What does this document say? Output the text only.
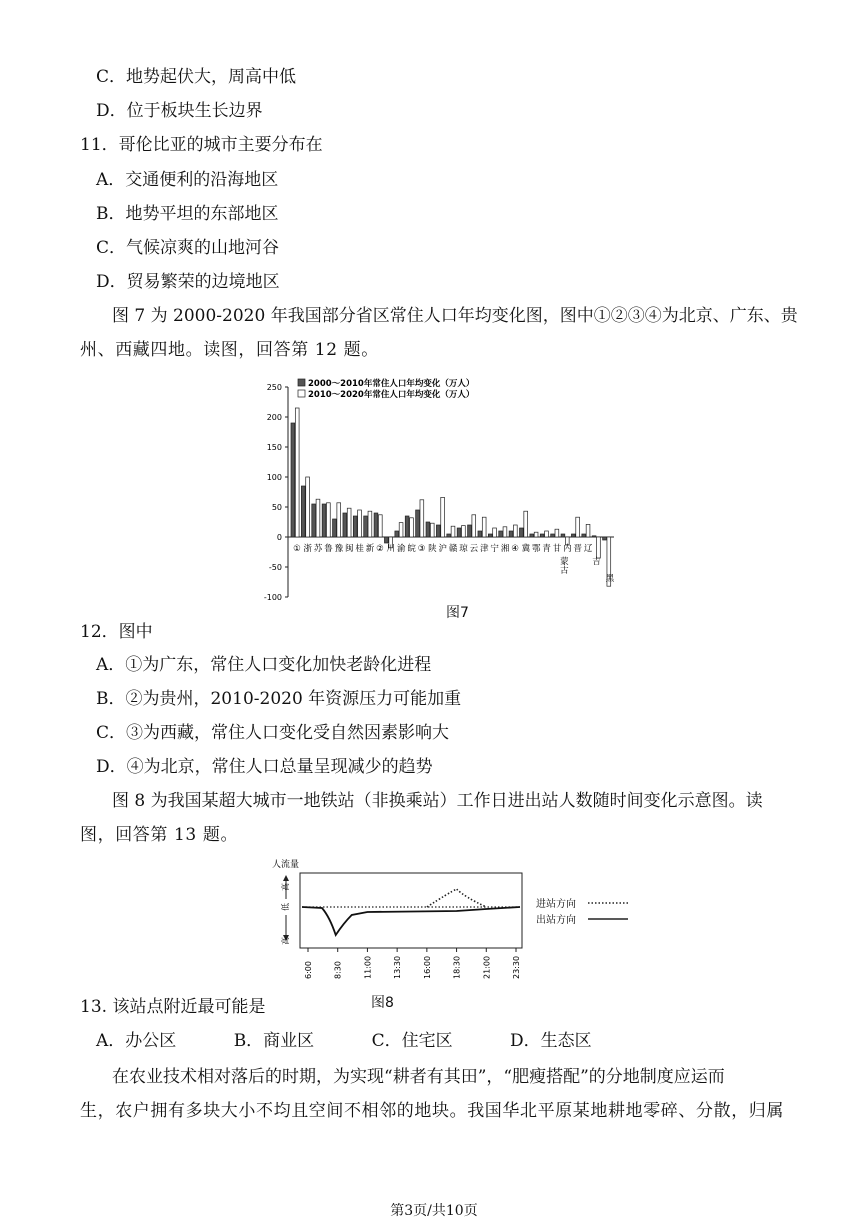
C．地势起伏大，周高中低
D．位于板块生长边界
11．哥伦比亚的城市主要分布在
A．交通便利的沿海地区
B．地势平坦的东部地区
C．气候凉爽的山地河谷
D．贸易繁荣的边境地区
图 7 为 2000-2020 年我国部分省区常住人口年均变化图，图中①②③④为北京、广东、贵
州、西藏四地。读图，回答第 12 题。
250
200
150
100
50
0
-50
-100
① 浙 苏 鲁 豫 闽 桂 新 ② 川 渝 皖 ③ 陕 沪 赣 琼 云 津 宁 湘 ④ 冀 鄂 青 甘 内 晋 辽
古
蒙	吉
黑
2000～2010年常住人口年均变化（万人）
2010～2020年常住人口年均变化（万人）
图7
12．图中
A．①为广东，常住人口变化加快老龄化进程
B．②为贵州，2010-2020 年资源压力可能加重
C．③为西藏，常住人口变化受自然因素影响大
D．④为北京，常住人口总量呈现减少的趋势
图 8 为我国某超大城市一地铁站（非换乘站）工作日进出站人数随时间变化示意图。读
图，回答第 13 题。
人流量
高
低
高
6:00	8:30	11:00	13:30	16:00	18:30	21:00	23:30
进站方向
出站方向
图8
13. 该站点附近最可能是
A．办公区	B．商业区	C．住宅区	D．生态区
在农业技术相对落后的时期，为实现“耕者有其田”，“肥瘦搭配”的分地制度应运而
生，农户拥有多块大小不均且空间不相邻的地块。我国华北平原某地耕地零碎、分散，归属
第3页/共10页
